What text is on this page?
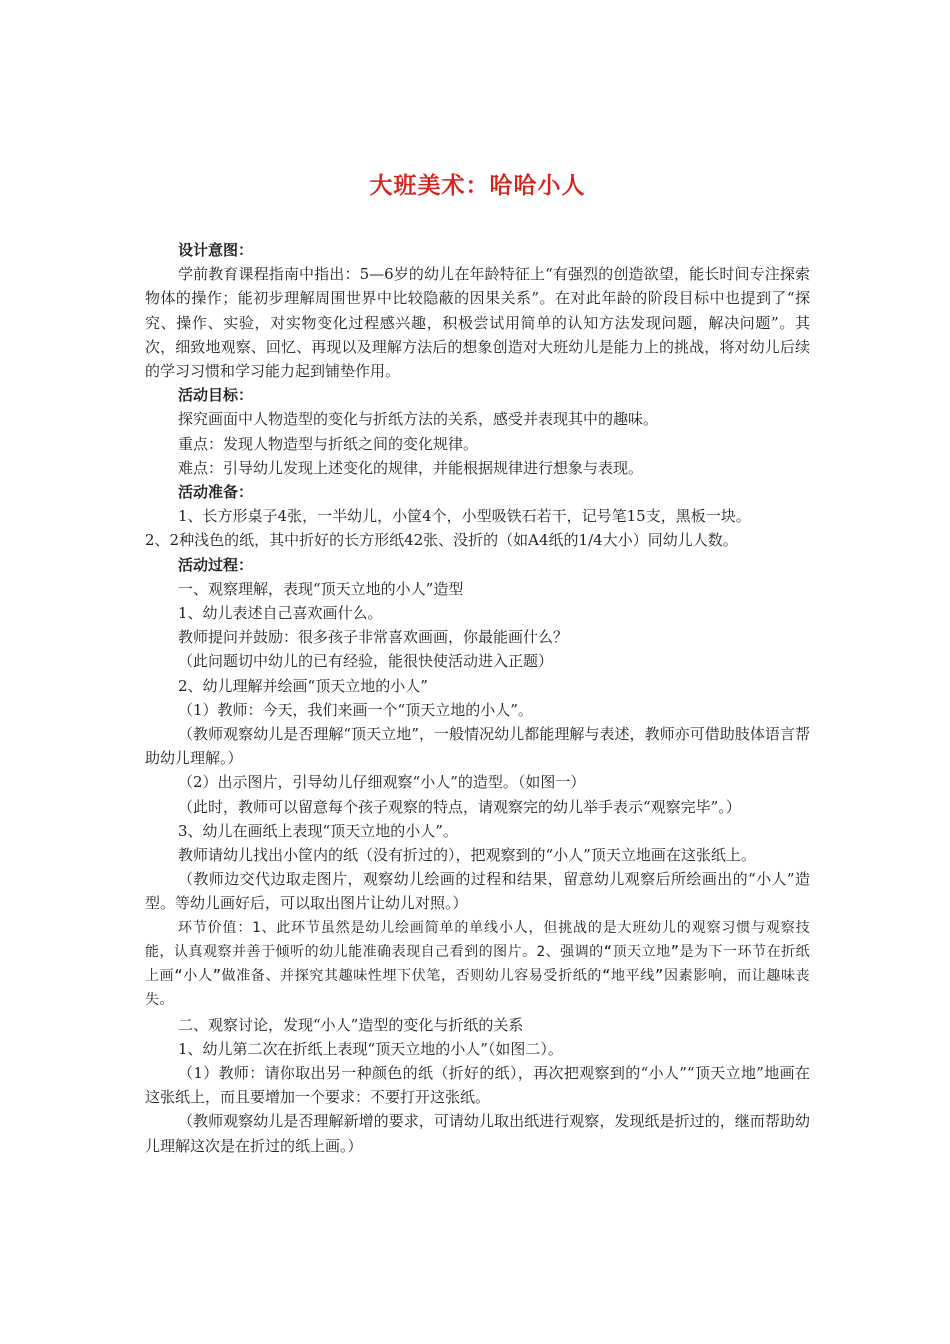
大班美术：哈哈小人

设计意图：

学前教育课程指南中指出：5—6岁的幼儿在年龄特征上“有强烈的创造欲望，能长时间专注探索物体的操作；能初步理解周围世界中比较隐蔽的因果关系”。在对此年龄的阶段目标中也提到了“探究、操作、实验，对实物变化过程感兴趣，积极尝试用简单的认知方法发现问题，解决问题”。其次，细致地观察、回忆、再现以及理解方法后的想象创造对大班幼儿是能力上的挑战，将对幼儿后续的学习习惯和学习能力起到铺垫作用。

活动目标：

探究画面中人物造型的变化与折纸方法的关系，感受并表现其中的趣味。

重点：发现人物造型与折纸之间的变化规律。

难点：引导幼儿发现上述变化的规律，并能根据规律进行想象与表现。

活动准备：

1、长方形桌子4张，一半幼儿，小筐4个，小型吸铁石若干，记号笔15支，黑板一块。

2、2种浅色的纸，其中折好的长方形纸42张、没折的（如A4纸的1/4大小）同幼儿人数。

活动过程：

一、观察理解，表现“顶天立地的小人”造型

1、幼儿表述自己喜欢画什么。

教师提问并鼓励：很多孩子非常喜欢画画，你最能画什么？

（此问题切中幼儿的已有经验，能很快使活动进入正题）

2、幼儿理解并绘画“顶天立地的小人”

（1）教师：今天，我们来画一个“顶天立地的小人”。

（教师观察幼儿是否理解“顶天立地”，一般情况幼儿都能理解与表述，教师亦可借助肢体语言帮助幼儿理解。）

（2）出示图片，引导幼儿仔细观察“小人”的造型。（如图一）

（此时，教师可以留意每个孩子观察的特点，请观察完的幼儿举手表示“观察完毕”。）

3、幼儿在画纸上表现“顶天立地的小人”。

教师请幼儿找出小筐内的纸（没有折过的），把观察到的“小人”顶天立地画在这张纸上。

（教师边交代边取走图片，观察幼儿绘画的过程和结果，留意幼儿观察后所绘画出的“小人”造型。等幼儿画好后，可以取出图片让幼儿对照。）

环节价值：1、此环节虽然是幼儿绘画简单的单线小人，但挑战的是大班幼儿的观察习惯与观察技能，认真观察并善于倾听的幼儿能准确表现自己看到的图片。2、强调的“顶天立地”是为下一环节在折纸上画“小人”做准备、并探究其趣味性埋下伏笔，否则幼儿容易受折纸的“地平线”因素影响，而让趣味丧失。

二、观察讨论，发现“小人”造型的变化与折纸的关系

1、幼儿第二次在折纸上表现“顶天立地的小人”（如图二）。

（1）教师：请你取出另一种颜色的纸（折好的纸），再次把观察到的“小人”“顶天立地”地画在这张纸上，而且要增加一个要求：不要打开这张纸。

（教师观察幼儿是否理解新增的要求，可请幼儿取出纸进行观察，发现纸是折过的，继而帮助幼儿理解这次是在折过的纸上画。）
